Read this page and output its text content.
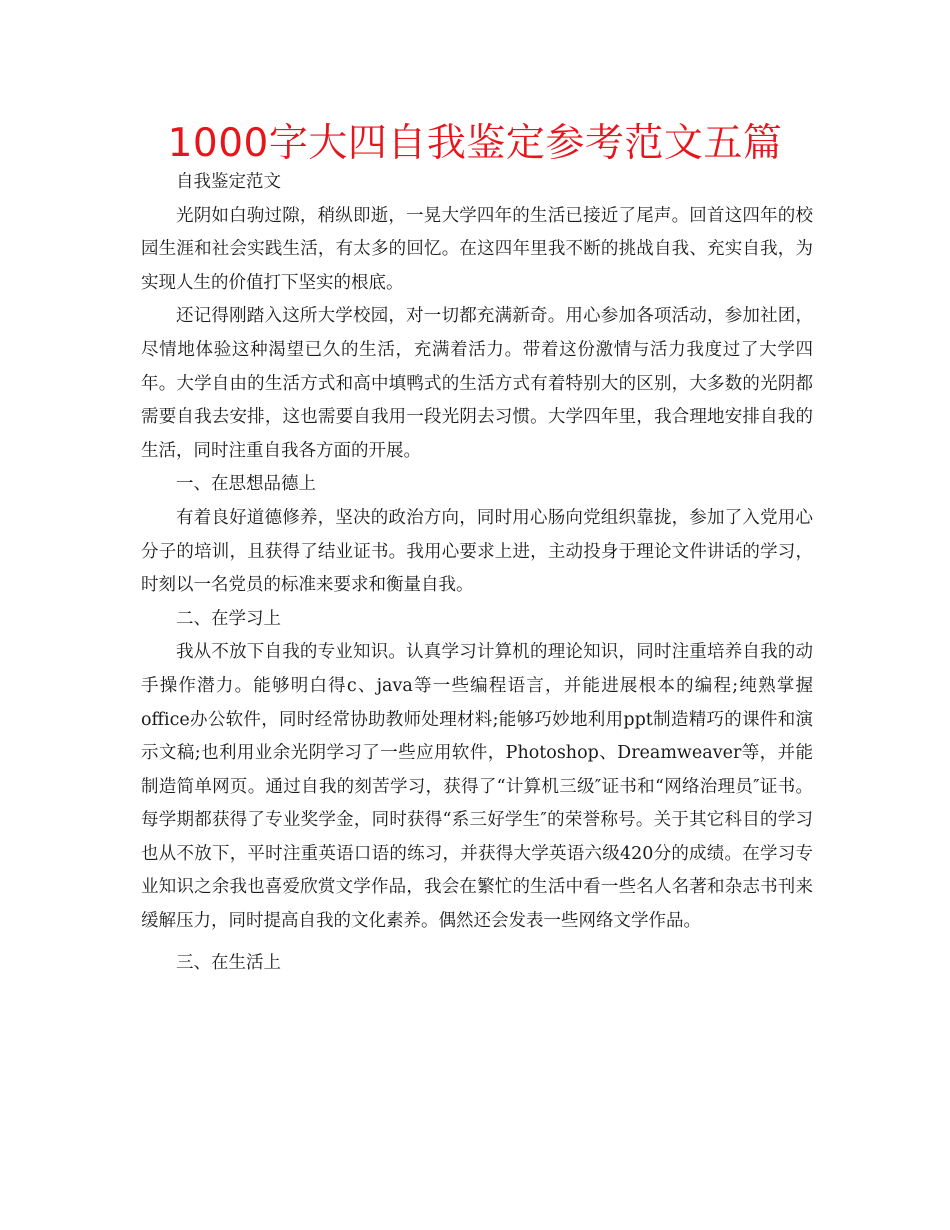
1000字大四自我鉴定参考范文五篇

自我鉴定范文

光阴如白驹过隙，稍纵即逝，一晃大学四年的生活已接近了尾声。回首这四年的校园生涯和社会实践生活，有太多的回忆。在这四年里我不断的挑战自我、充实自我，为实现人生的价值打下坚实的根底。

还记得刚踏入这所大学校园，对一切都充满新奇。用心参加各项活动，参加社团，尽情地体验这种渴望已久的生活，充满着活力。带着这份激情与活力我度过了大学四年。大学自由的生活方式和高中填鸭式的生活方式有着特别大的区别，大多数的光阴都需要自我去安排，这也需要自我用一段光阴去习惯。大学四年里，我合理地安排自我的生活，同时注重自我各方面的开展。

一、在思想品德上

有着良好道德修养，坚决的政治方向，同时用心肠向党组织靠拢，参加了入党用心分子的培训，且获得了结业证书。我用心要求上进，主动投身于理论文件讲话的学习，时刻以一名党员的标准来要求和衡量自我。

二、在学习上

我从不放下自我的专业知识。认真学习计算机的理论知识，同时注重培养自我的动手操作潜力。能够明白得c、java等一些编程语言，并能进展根本的编程;纯熟掌握office办公软件，同时经常协助教师处理材料;能够巧妙地利用ppt制造精巧的课件和演示文稿;也利用业余光阴学习了一些应用软件，Photoshop、Dreamweaver等，并能制造简单网页。通过自我的刻苦学习，获得了“计算机三级″证书和“网络治理员″证书。每学期都获得了专业奖学金，同时获得“系三好学生″的荣誉称号。关于其它科目的学习也从不放下，平时注重英语口语的练习，并获得大学英语六级420分的成绩。在学习专业知识之余我也喜爱欣赏文学作品，我会在繁忙的生活中看一些名人名著和杂志书刊来缓解压力，同时提高自我的文化素养。偶然还会发表一些网络文学作品。

三、在生活上
